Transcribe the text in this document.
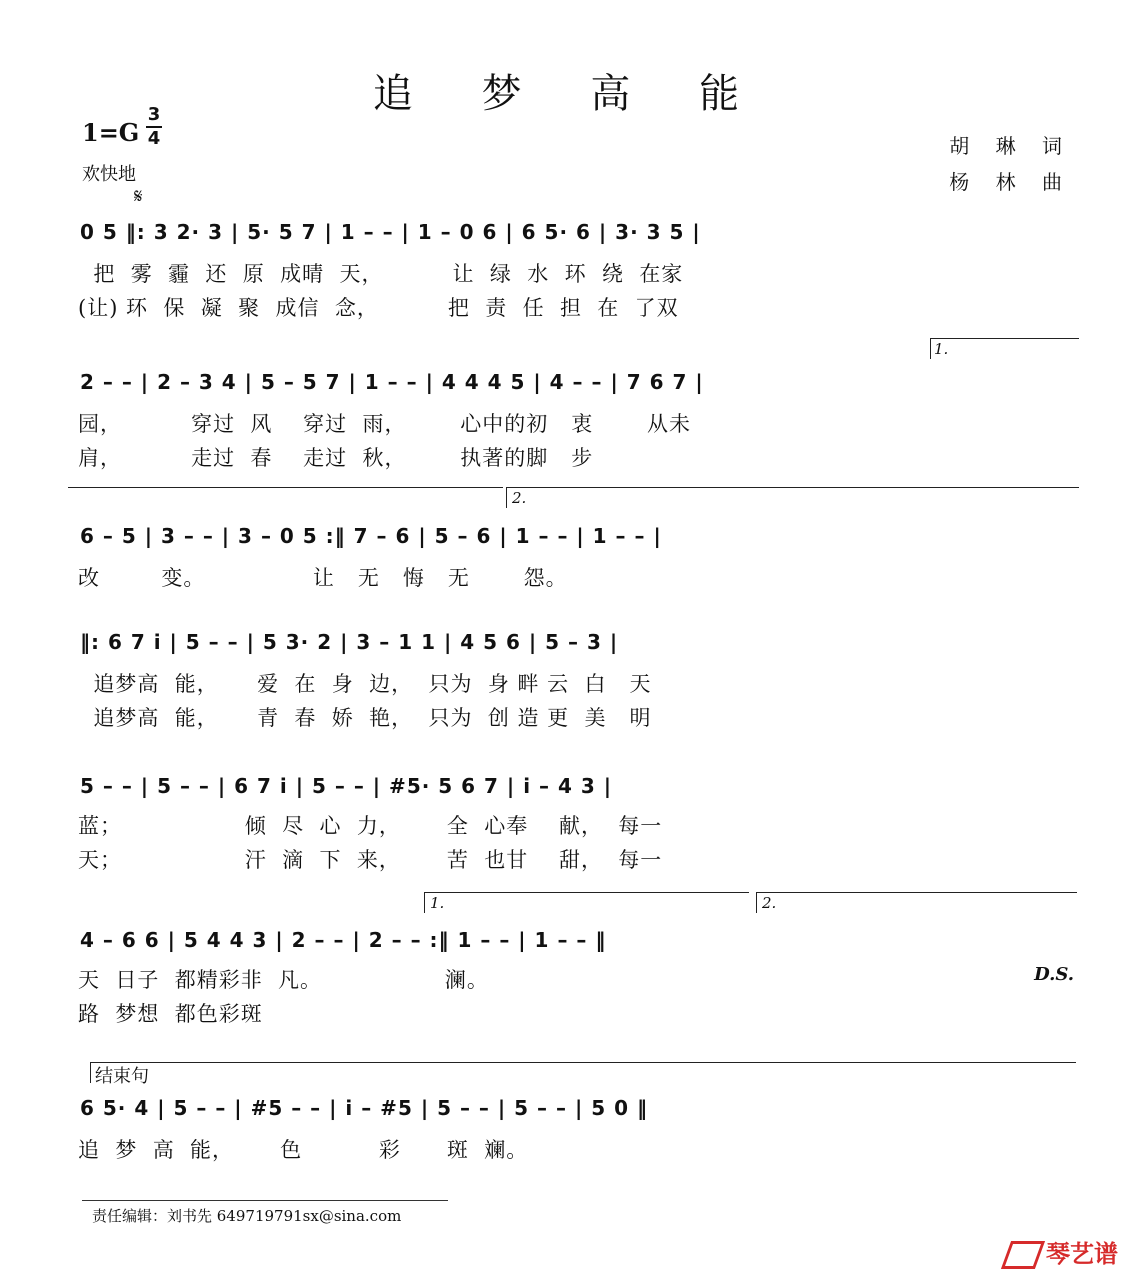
追 梦 高 能
1=G
3
4
欢快地
胡 琳 词
杨 林 曲
𝄋
0 5 ‖: 3 2· 3 | 5· 5 7 | 1 – – | 1 – 0 6 | 6 5· 6 | 3· 3 5 |
把  雾  霾  还  原  成晴  天，         让  绿  水  环  绕  在家
(让) 环  保  凝  聚  成信  念，         把  责  任  担  在  了双
1.
2 – – | 2 – 3 4 | 5 – 5 7 | 1 – – | 4 4 4 5 | 4 – – | 7 6 7 |
园，         穿过  风    穿过  雨，       心中的初   衷       从未
肩，         走过  春    走过  秋，       执著的脚   步
2.
6 – 5 | 3 – – | 3 – 0 5 :‖ 7 – 6 | 5 – 6 | 1 – – | 1 – – |
改        变。              让   无   悔   无       怨。
‖: 6 7 i | 5 – – | 5 3· 2 | 3 – 1 1 | 4 5 6 | 5 – 3 |
追梦高  能，     爱  在  身  边，  只为  身 畔 云  白   天
追梦高  能，     青  春  娇  艳，  只为  创 造 更  美   明
5 – – | 5 – – | 6 7 i | 5 – – | #5· 5 6 7 | i – 4 3 |
蓝；                倾  尽  心  力，      全  心奉    献，  每一
天；                汗  滴  下  来，      苦  也甘    甜，  每一
1.	2.
4 – 6 6 | 5 4 4 3 | 2 – – | 2 – – :‖ 1 – – | 1 – – ‖
天  日子  都精彩非  凡。                澜。
路  梦想  都色彩斑
D.S.
结束句
6 5· 4 | 5 – – | #5 – – | i – #5 | 5 – – | 5 – – | 5 0 ‖
追  梦  高  能，      色          彩      斑  斓。
责任编辑：刘书先 649719791sx@sina.com
琴艺谱
